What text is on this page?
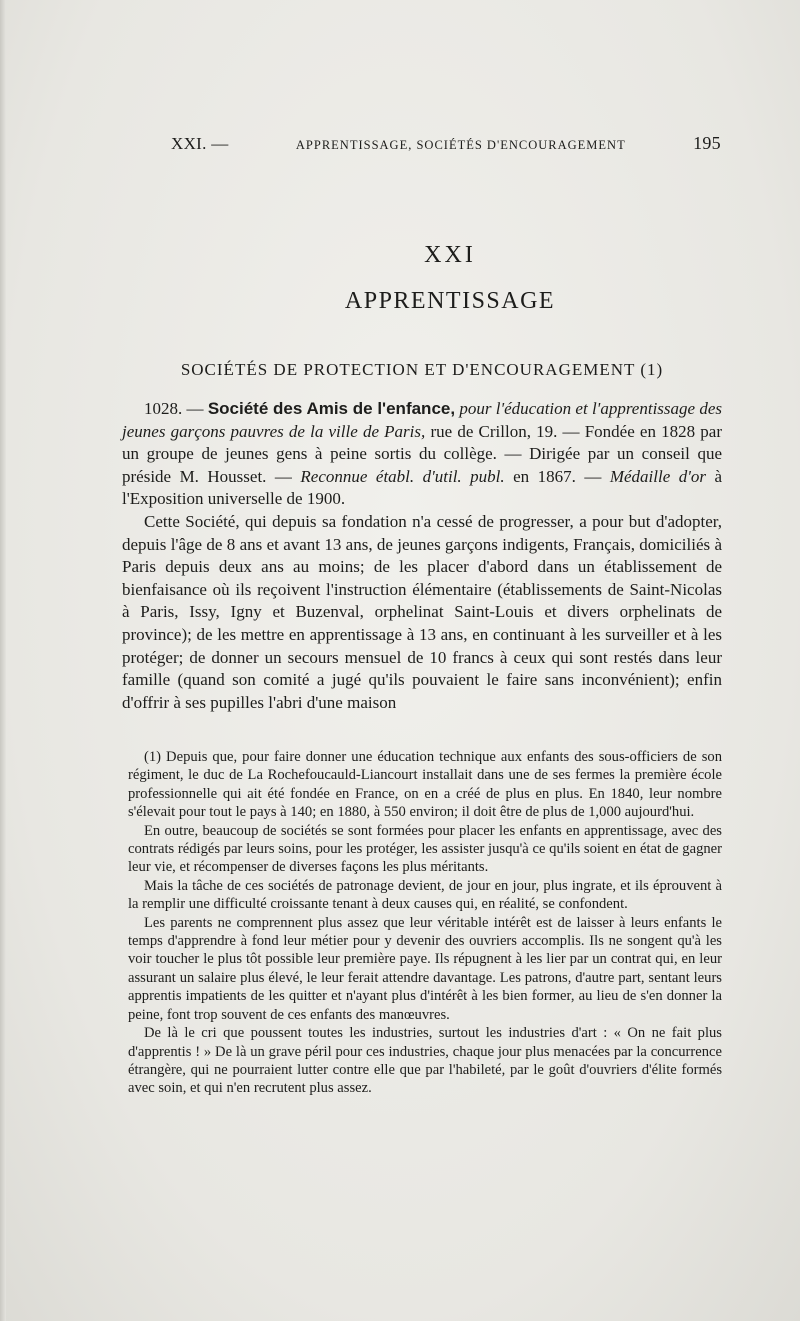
XXI. —	APPRENTISSAGE, SOCIÉTÉS D'ENCOURAGEMENT	195
XXI
APPRENTISSAGE
SOCIÉTÉS DE PROTECTION ET D'ENCOURAGEMENT (1)

1028. — Société des Amis de l'enfance, pour l'éducation et l'apprentissage des jeunes garçons pauvres de la ville de Paris, rue de Crillon, 19. — Fondée en 1828 par un groupe de jeunes gens à peine sortis du collège. — Dirigée par un conseil que préside M. Housset. — Reconnue établ. d'util. publ. en 1867. — Médaille d'or à l'Exposition universelle de 1900.

Cette Société, qui depuis sa fondation n'a cessé de progresser, a pour but d'adopter, depuis l'âge de 8 ans et avant 13 ans, de jeunes garçons indigents, Français, domiciliés à Paris depuis deux ans au moins; de les placer d'abord dans un établissement de bienfaisance où ils reçoivent l'instruction élémentaire (établissements de Saint-Nicolas à Paris, Issy, Igny et Buzenval, orphelinat Saint-Louis et divers orphelinats de province); de les mettre en apprentissage à 13 ans, en continuant à les surveiller et à les protéger; de donner un secours mensuel de 10 francs à ceux qui sont restés dans leur famille (quand son comité a jugé qu'ils pouvaient le faire sans inconvénient); enfin d'offrir à ses pupilles l'abri d'une maison

(1) Depuis que, pour faire donner une éducation technique aux enfants des sous-officiers de son régiment, le duc de La Rochefoucauld-Liancourt installait dans une de ses fermes la première école professionnelle qui ait été fondée en France, on en a créé de plus en plus. En 1840, leur nombre s'élevait pour tout le pays à 140; en 1880, à 550 environ; il doit être de plus de 1,000 aujourd'hui.

En outre, beaucoup de sociétés se sont formées pour placer les enfants en apprentissage, avec des contrats rédigés par leurs soins, pour les protéger, les assister jusqu'à ce qu'ils soient en état de gagner leur vie, et récompenser de diverses façons les plus méritants.

Mais la tâche de ces sociétés de patronage devient, de jour en jour, plus ingrate, et ils éprouvent à la remplir une difficulté croissante tenant à deux causes qui, en réalité, se confondent.

Les parents ne comprennent plus assez que leur véritable intérêt est de laisser à leurs enfants le temps d'apprendre à fond leur métier pour y devenir des ouvriers accomplis. Ils ne songent qu'à les voir toucher le plus tôt possible leur première paye. Ils répugnent à les lier par un contrat qui, en leur assurant un salaire plus élevé, le leur ferait attendre davantage. Les patrons, d'autre part, sentant leurs apprentis impatients de les quitter et n'ayant plus d'intérêt à les bien former, au lieu de s'en donner la peine, font trop souvent de ces enfants des manœuvres.

De là le cri que poussent toutes les industries, surtout les industries d'art : « On ne fait plus d'apprentis ! » De là un grave péril pour ces industries, chaque jour plus menacées par la concurrence étrangère, qui ne pourraient lutter contre elle que par l'habileté, par le goût d'ouvriers d'élite formés avec soin, et qui n'en recrutent plus assez.
